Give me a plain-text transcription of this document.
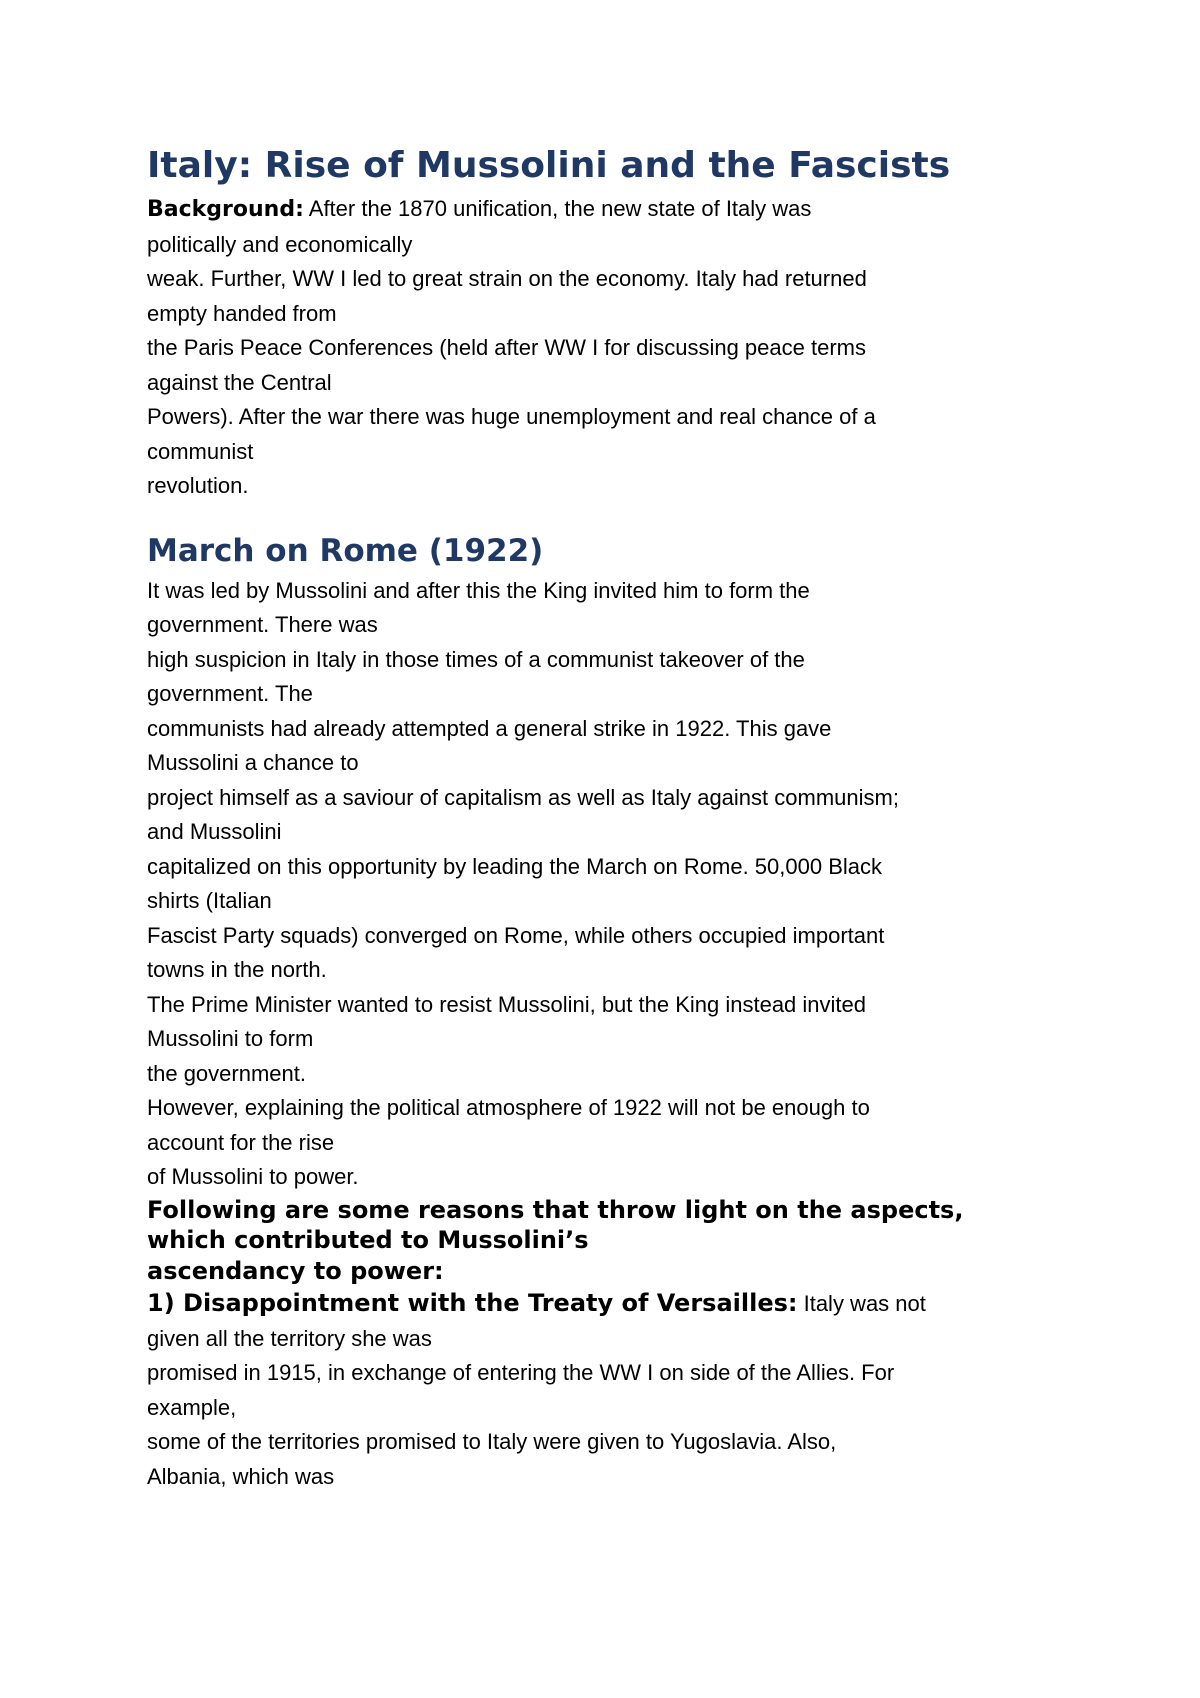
Italy: Rise of Mussolini and the Fascists
Background: After the 1870 unification, the new state of Italy was
politically and economically
weak. Further, WW I led to great strain on the economy. Italy had returned
empty handed from
the Paris Peace Conferences (held after WW I for discussing peace terms
against the Central
Powers). After the war there was huge unemployment and real chance of a
communist
revolution.
March on Rome (1922)
It was led by Mussolini and after this the King invited him to form the
government. There was
high suspicion in Italy in those times of a communist takeover of the
government. The
communists had already attempted a general strike in 1922. This gave
Mussolini a chance to
project himself as a saviour of capitalism as well as Italy against communism;
and Mussolini
capitalized on this opportunity by leading the March on Rome. 50,000 Black
shirts (Italian
Fascist Party squads) converged on Rome, while others occupied important
towns in the north.
The Prime Minister wanted to resist Mussolini, but the King instead invited
Mussolini to form
the government.
However, explaining the political atmosphere of 1922 will not be enough to
account for the rise
of Mussolini to power.
Following are some reasons that throw light on the aspects,
which contributed to Mussolini’s
ascendancy to power:
1) Disappointment with the Treaty of Versailles: Italy was not
given all the territory she was
promised in 1915, in exchange of entering the WW I on side of the Allies. For
example,
some of the territories promised to Italy were given to Yugoslavia. Also,
Albania, which was
